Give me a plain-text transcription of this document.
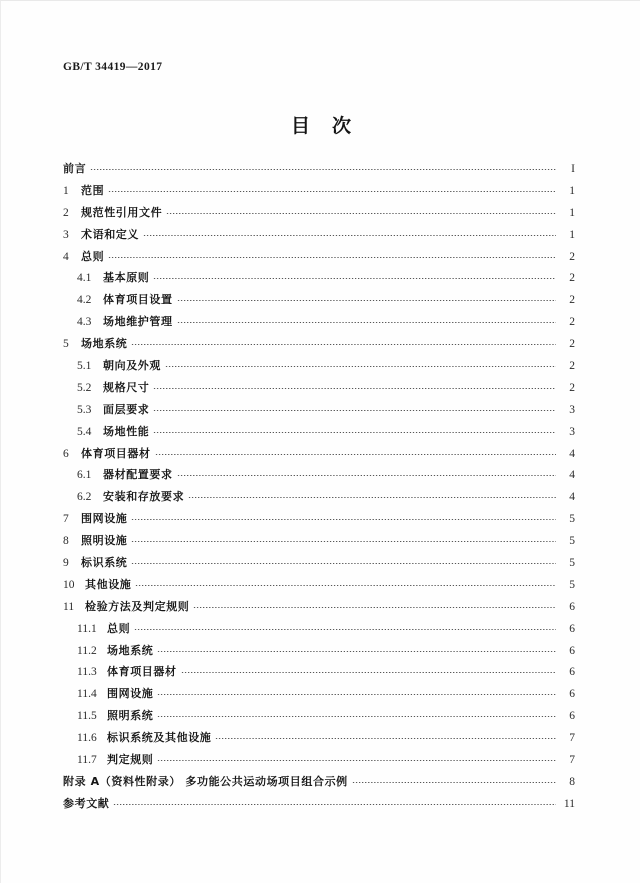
GB/T 34419—2017
目 次
前言	I
1	范围	1
2	规范性引用文件	1
3	术语和定义	1
4	总则	2
4.1	基本原则	2
4.2	体育项目设置	2
4.3	场地维护管理	2
5	场地系统	2
5.1	朝向及外观	2
5.2	规格尺寸	2
5.3	面层要求	3
5.4	场地性能	3
6	体育项目器材	4
6.1	器材配置要求	4
6.2	安装和存放要求	4
7	围网设施	5
8	照明设施	5
9	标识系统	5
10 其他设施	5
11 检验方法及判定规则	6
11.1 总则	6
11.2 场地系统	6
11.3 体育项目器材	6
11.4 围网设施	6
11.5 照明系统	6
11.6 标识系统及其他设施	7
11.7 判定规则	7
附录 A（资料性附录） 多功能公共运动场项目组合示例	8
参考文献	11
